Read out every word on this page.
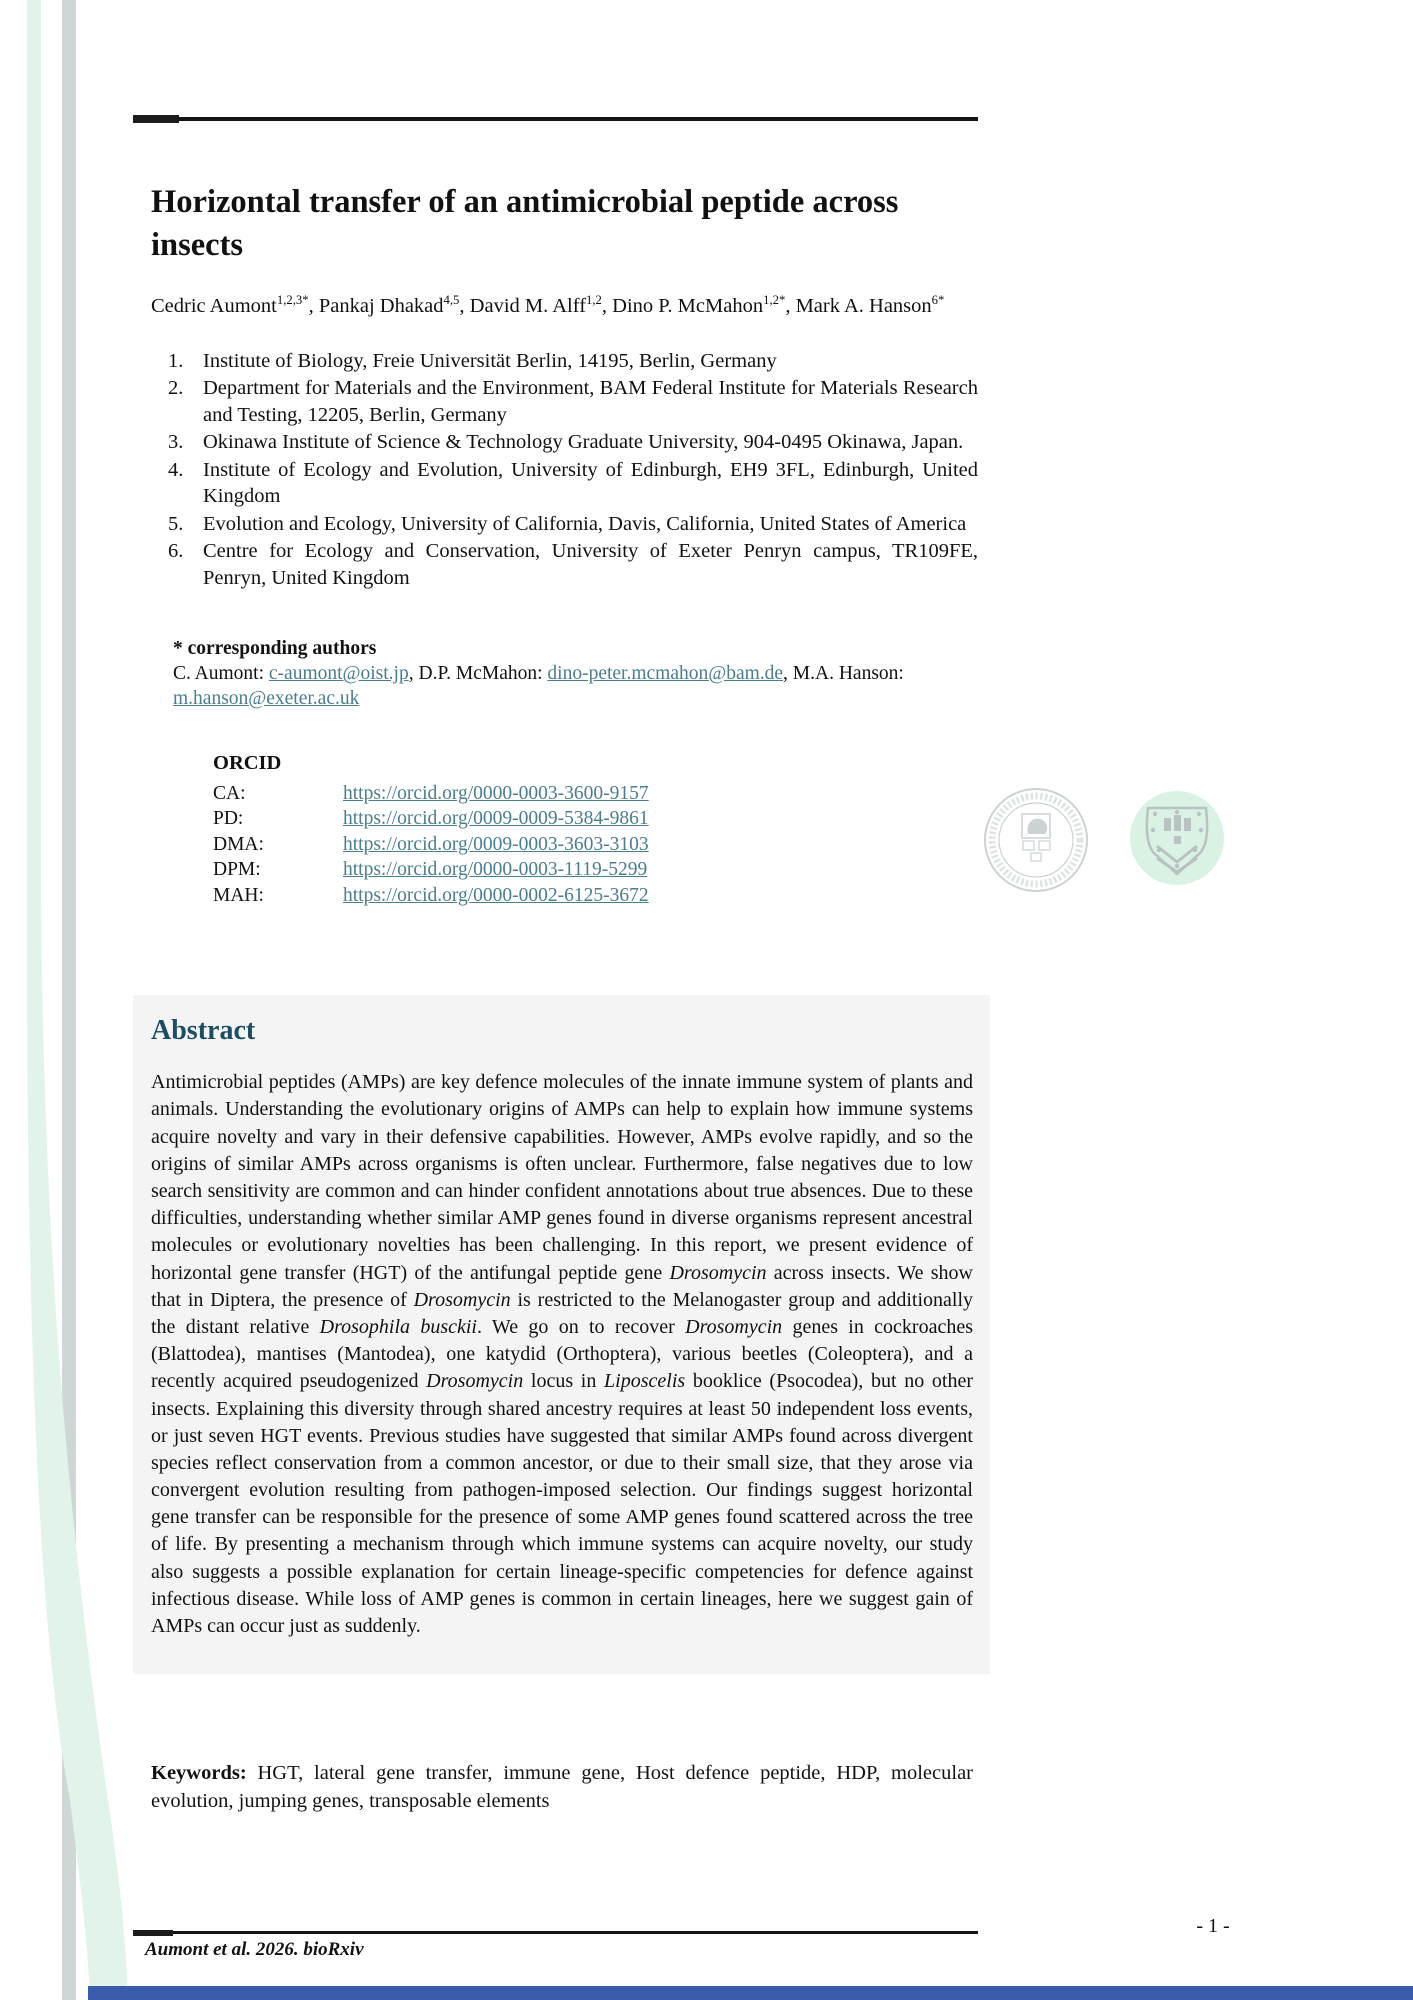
Horizontal transfer of an antimicrobial peptide across insects
Cedric Aumont$^{1,2,3*}$, Pankaj Dhakad$^{4,5}$, David M. Alff$^{1,2}$, Dino P. McMahon$^{1,2*}$, Mark A. Hanson$^{6*}$
1. Institute of Biology, Freie Universität Berlin, 14195, Berlin, Germany
2. Department for Materials and the Environment, BAM Federal Institute for Materials Research and Testing, 12205, Berlin, Germany
3. Okinawa Institute of Science & Technology Graduate University, 904-0495 Okinawa, Japan.
4. Institute of Ecology and Evolution, University of Edinburgh, EH9 3FL, Edinburgh, United Kingdom
5. Evolution and Ecology, University of California, Davis, California, United States of America
6. Centre for Ecology and Conservation, University of Exeter Penryn campus, TR109FE, Penryn, United Kingdom
* corresponding authors
C. Aumont: c-aumont@oist.jp, D.P. McMahon: dino-peter.mcmahon@bam.de, M.A. Hanson: m.hanson@exeter.ac.uk
ORCID
CA:	https://orcid.org/0000-0003-3600-9157
PD:	https://orcid.org/0009-0009-5384-9861
DMA:	https://orcid.org/0009-0003-3603-3103
DPM:	https://orcid.org/0000-0003-1119-5299
MAH:	https://orcid.org/0000-0002-6125-3672
Abstract
Antimicrobial peptides (AMPs) are key defence molecules of the innate immune system of plants and animals. Understanding the evolutionary origins of AMPs can help to explain how immune systems acquire novelty and vary in their defensive capabilities. However, AMPs evolve rapidly, and so the origins of similar AMPs across organisms is often unclear. Furthermore, false negatives due to low search sensitivity are common and can hinder confident annotations about true absences. Due to these difficulties, understanding whether similar AMP genes found in diverse organisms represent ancestral molecules or evolutionary novelties has been challenging. In this report, we present evidence of horizontal gene transfer (HGT) of the antifungal peptide gene Drosomycin across insects. We show that in Diptera, the presence of Drosomycin is restricted to the Melanogaster group and additionally the distant relative Drosophila busckii. We go on to recover Drosomycin genes in cockroaches (Blattodea), mantises (Mantodea), one katydid (Orthoptera), various beetles (Coleoptera), and a recently acquired pseudogenized Drosomycin locus in Liposcelis booklice (Psocodea), but no other insects. Explaining this diversity through shared ancestry requires at least 50 independent loss events, or just seven HGT events. Previous studies have suggested that similar AMPs found across divergent species reflect conservation from a common ancestor, or due to their small size, that they arose via convergent evolution resulting from pathogen-imposed selection. Our findings suggest horizontal gene transfer can be responsible for the presence of some AMP genes found scattered across the tree of life. By presenting a mechanism through which immune systems can acquire novelty, our study also suggests a possible explanation for certain lineage-specific competencies for defence against infectious disease. While loss of AMP genes is common in certain lineages, here we suggest gain of AMPs can occur just as suddenly.
Keywords: HGT, lateral gene transfer, immune gene, Host defence peptide, HDP, molecular evolution, jumping genes, transposable elements
Aumont et al. 2026. bioRxiv
- 1 -
